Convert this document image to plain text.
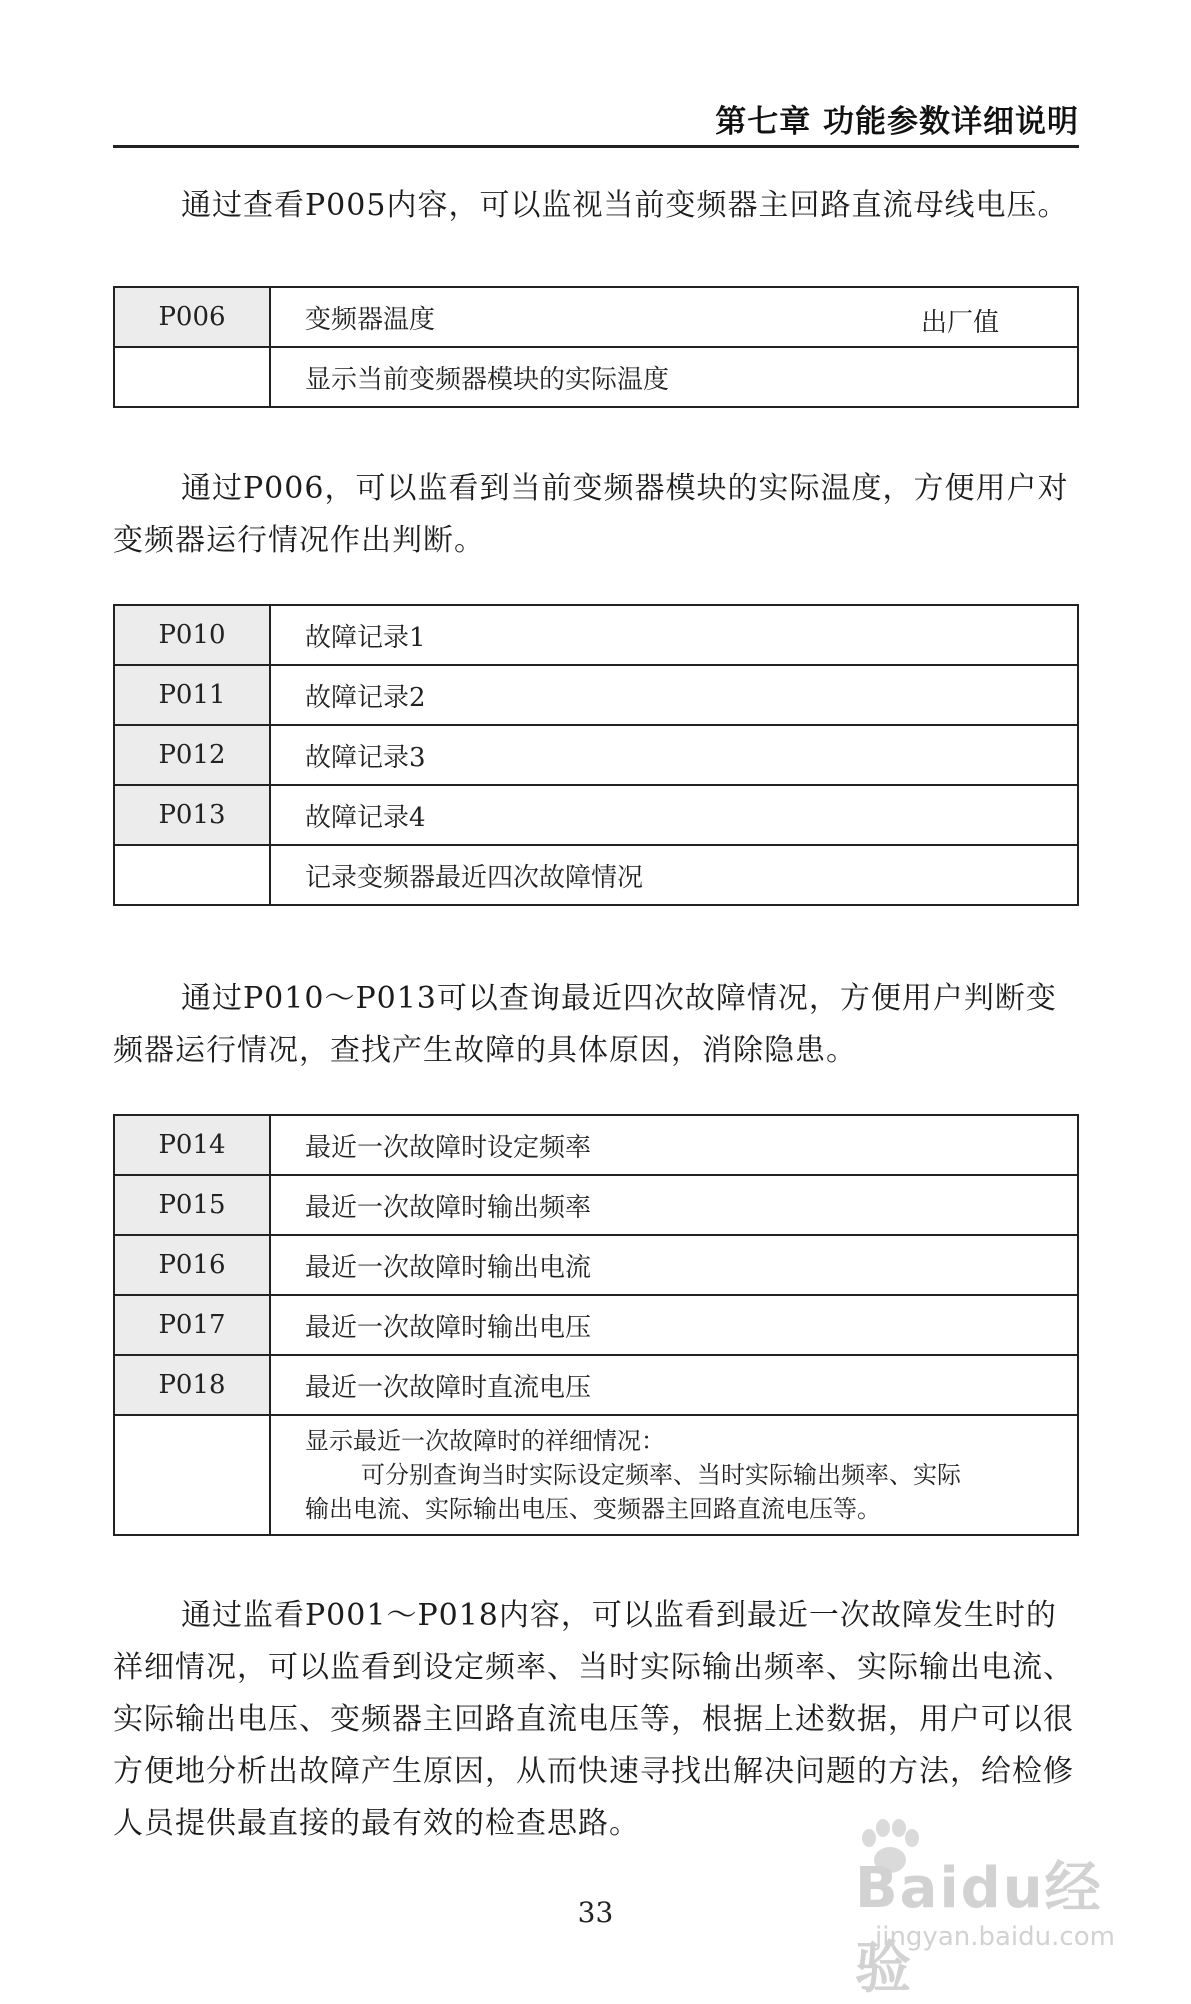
第七章 功能参数详细说明

通过查看P005内容，可以监视当前变频器主回路直流母线电压。

P006	变频器温度 出厂值

	显示当前变频器模块的实际温度

通过P006，可以监看到当前变频器模块的实际温度，方便用户对变频器运行情况作出判断。

P010	故障记录1
P011	故障记录2
P012	故障记录3
P013	故障记录4
	记录变频器最近四次故障情况

通过P010～P013可以查询最近四次故障情况，方便用户判断变频器运行情况，查找产生故障的具体原因，消除隐患。

P014	最近一次故障时设定频率
P015	最近一次故障时输出频率
P016	最近一次故障时输出电流
P017	最近一次故障时输出电压
P018	最近一次故障时直流电压

	显示最近一次故障时的祥细情况：
可分别查询当时实际设定频率、当时实际输出频率、实际
输出电流、实际输出电压、变频器主回路直流电压等。

通过监看P001～P018内容，可以监看到最近一次故障发生时的祥细情况，可以监看到设定频率、当时实际输出频率、实际输出电流、实际输出电压、变频器主回路直流电压等，根据上述数据，用户可以很方便地分析出故障产生原因，从而快速寻找出解决问题的方法，给检修人员提供最直接的最有效的检查思路。

33	Baidu经验
jingyan.baidu.com
